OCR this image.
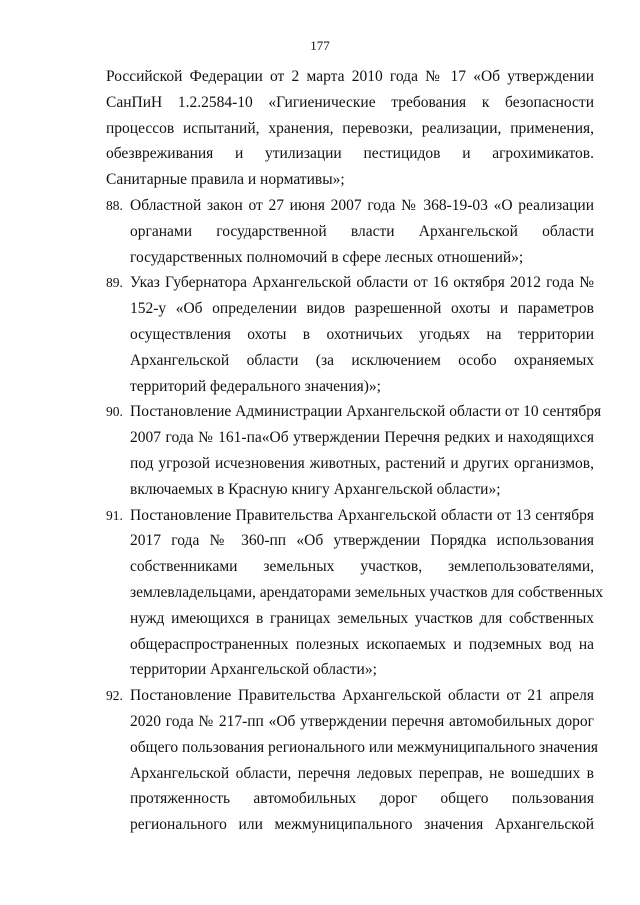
177
Российской Федерации от 2 марта 2010 года № 17 «Об утверждении
СанПиН 1.2.2584-10 «Гигиенические требования к безопасности
процессов испытаний, хранения, перевозки, реализации, применения,
обезвреживания и утилизации пестицидов и агрохимикатов.
Санитарные правила и нормативы»;
88. Областной закон от 27 июня 2007 года № 368-19-03 «О реализации
органами государственной власти Архангельской области
государственных полномочий в сфере лесных отношений»;
89. Указ Губернатора Архангельской области от 16 октября 2012 года №
152-у «Об определении видов разрешенной охоты и параметров
осуществления охоты в охотничьих угодьях на территории
Архангельской области (за исключением особо охраняемых
территорий федерального значения)»;
90. Постановление Администрации Архангельской области от 10 сентября
2007 года № 161-па«Об утверждении Перечня редких и находящихся
под угрозой исчезновения животных, растений и других организмов,
включаемых в Красную книгу Архангельской области»;
91. Постановление Правительства Архангельской области от 13 сентября
2017 года № 360-пп «Об утверждении Порядка использования
собственниками земельных участков, землепользователями,
землевладельцами, арендаторами земельных участков для собственных
нужд имеющихся в границах земельных участков для собственных
общераспространенных полезных ископаемых и подземных вод на
территории Архангельской области»;
92. Постановление Правительства Архангельской области от 21 апреля
2020 года № 217-пп «Об утверждении перечня автомобильных дорог
общего пользования регионального или межмуниципального значения
Архангельской области, перечня ледовых переправ, не вошедших в
протяженность автомобильных дорог общего пользования
регионального или межмуниципального значения Архангельской
